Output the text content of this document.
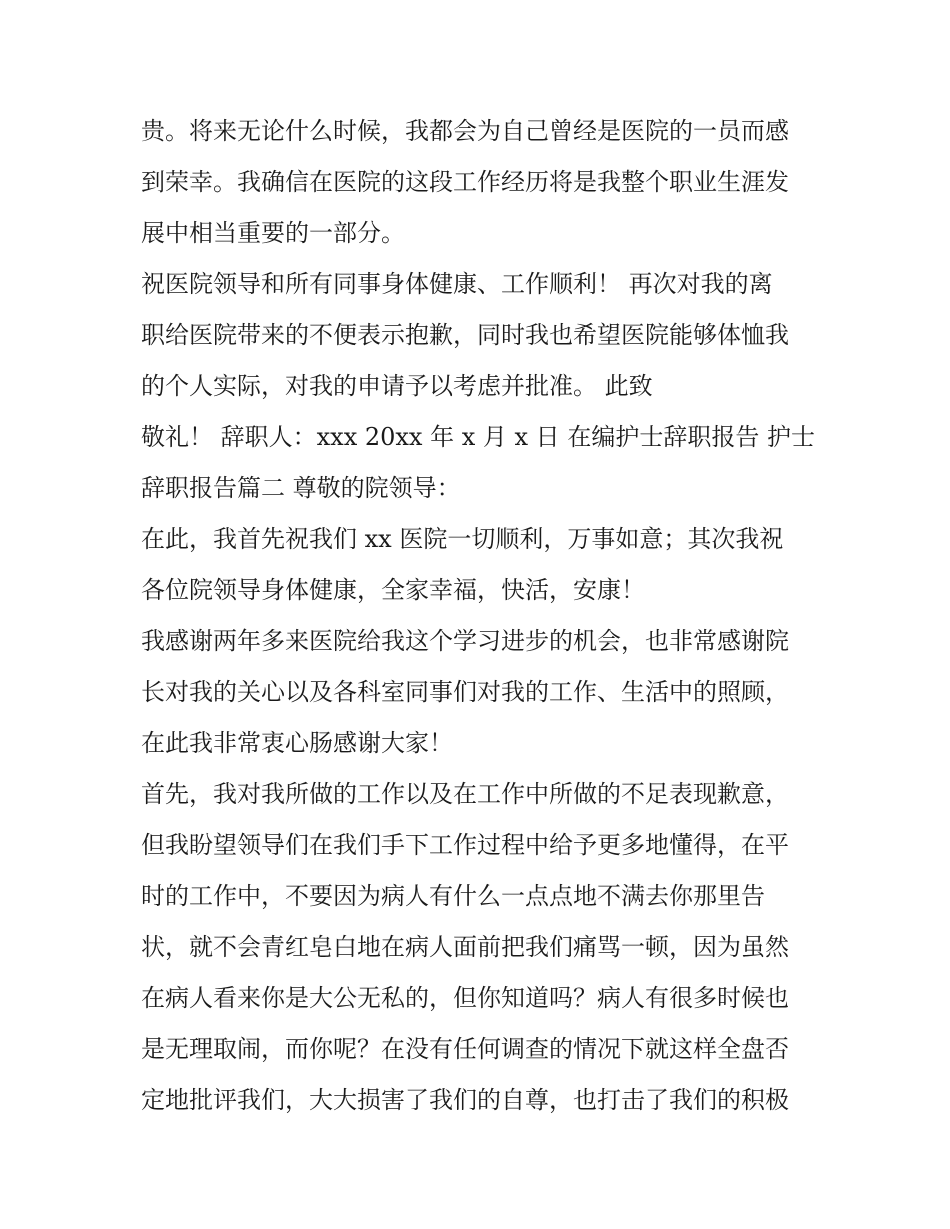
贵。将来无论什么时候，我都会为自己曾经是医院的一员而感
到荣幸。我确信在医院的这段工作经历将是我整个职业生涯发
展中相当重要的一部分。
祝医院领导和所有同事身体健康、工作顺利！ 再次对我的离
职给医院带来的不便表示抱歉，同时我也希望医院能够体恤我
的个人实际，对我的申请予以考虑并批准。 此致
敬礼！ 辞职人：xxx 20xx 年 x 月 x 日 在编护士辞职报告 护士
辞职报告篇二 尊敬的院领导：
在此，我首先祝我们 xx 医院一切顺利，万事如意；其次我祝
各位院领导身体健康，全家幸福，快活，安康！
我感谢两年多来医院给我这个学习进步的机会，也非常感谢院
长对我的关心以及各科室同事们对我的工作、生活中的照顾，
在此我非常衷心肠感谢大家！
首先，我对我所做的工作以及在工作中所做的不足表现歉意，
但我盼望领导们在我们手下工作过程中给予更多地懂得，在平
时的工作中，不要因为病人有什么一点点地不满去你那里告
状，就不会青红皂白地在病人面前把我们痛骂一顿，因为虽然
在病人看来你是大公无私的，但你知道吗？病人有很多时候也
是无理取闹，而你呢？在没有任何调查的情况下就这样全盘否
定地批评我们，大大损害了我们的自尊，也打击了我们的积极
